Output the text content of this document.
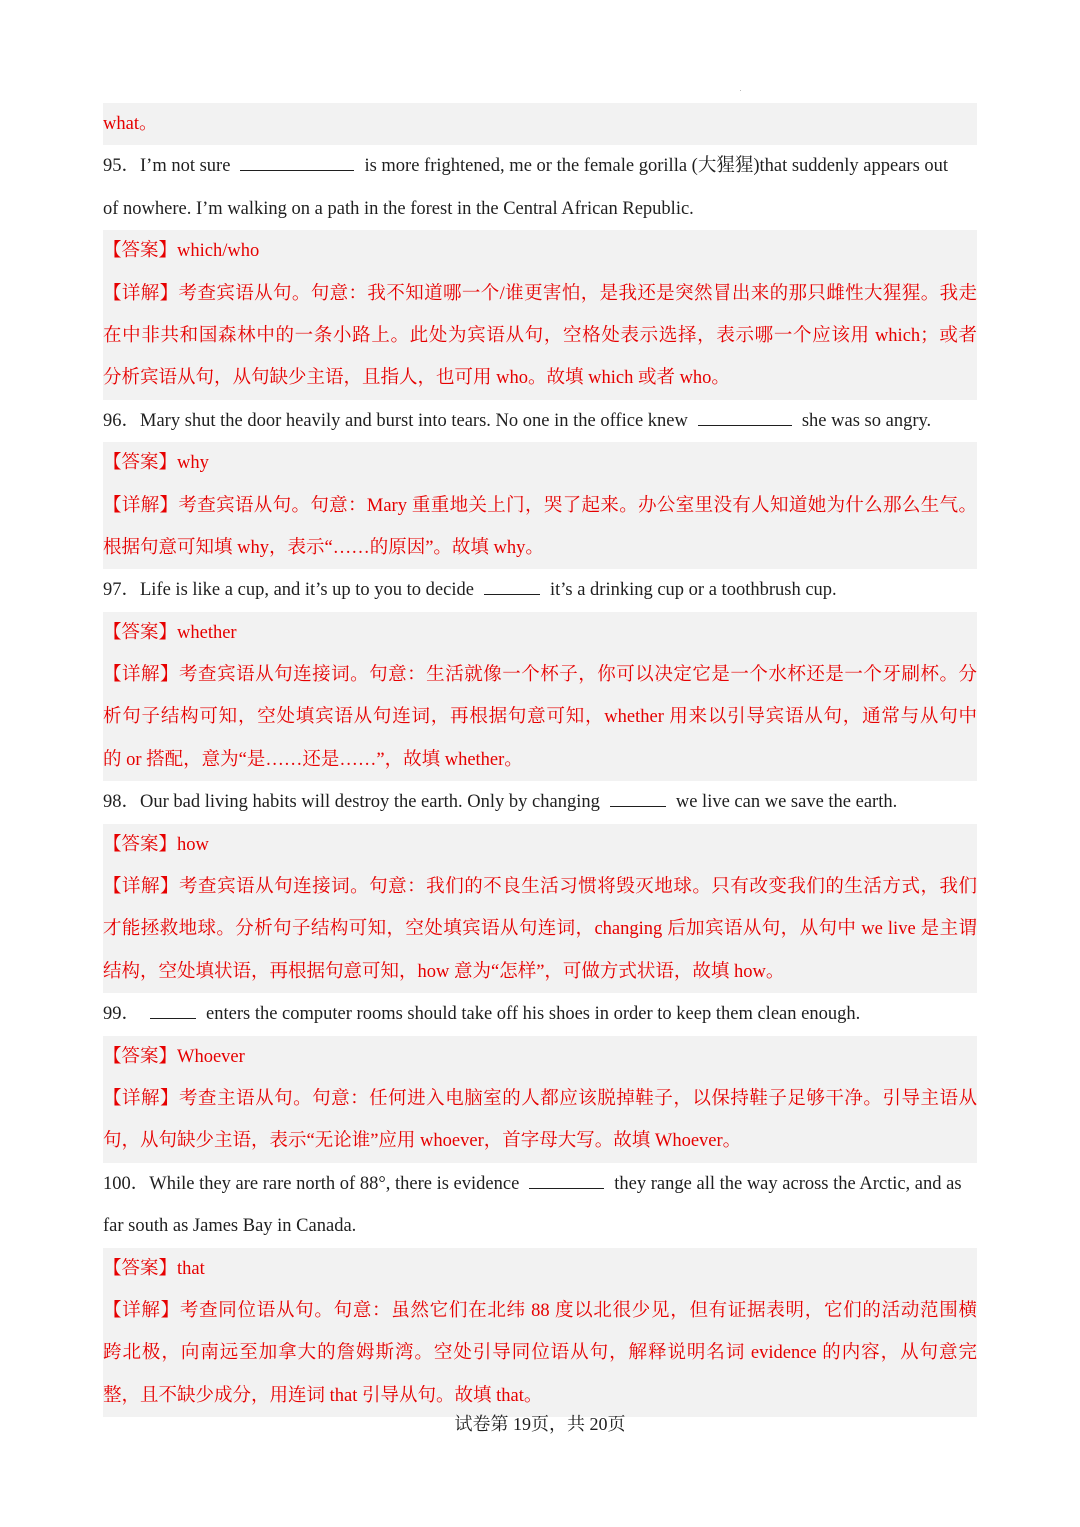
what。
95．I’m not sure	is more frightened, me or the female gorilla (大猩猩)that suddenly appears out
of nowhere. I’m walking on a path in the forest in the Central African Republic.
【答案】which/who
【详解】考查宾语从句。句意：我不知道哪一个/谁更害怕，是我还是突然冒出来的那只雌性大猩猩。我走
在中非共和国森林中的一条小路上。此处为宾语从句，空格处表示选择，表示哪一个应该用 which；或者
分析宾语从句，从句缺少主语，且指人，也可用 who。故填 which 或者 who。
96．Mary shut the door heavily and burst into tears. No one in the office knew	she was so angry.
【答案】why
【详解】考查宾语从句。句意：Mary 重重地关上门，哭了起来。办公室里没有人知道她为什么那么生气。
根据句意可知填 why，表示“……的原因”。故填 why。
97．Life is like a cup, and it’s up to you to decide	it’s a drinking cup or a toothbrush cup.
【答案】whether
【详解】考查宾语从句连接词。句意：生活就像一个杯子，你可以决定它是一个水杯还是一个牙刷杯。分
析句子结构可知，空处填宾语从句连词，再根据句意可知，whether 用来以引导宾语从句，通常与从句中
的 or 搭配，意为“是……还是……”，故填 whether。
98．Our bad living habits will destroy the earth. Only by changing	we live can we save the earth.
【答案】how
【详解】考查宾语从句连接词。句意：我们的不良生活习惯将毁灭地球。只有改变我们的生活方式，我们
才能拯救地球。分析句子结构可知，空处填宾语从句连词，changing 后加宾语从句，从句中 we live 是主谓
结构，空处填状语，再根据句意可知，how 意为“怎样”，可做方式状语，故填 how。
99．	enters the computer rooms should take off his shoes in order to keep them clean enough.
【答案】Whoever
【详解】考查主语从句。句意：任何进入电脑室的人都应该脱掉鞋子，以保持鞋子足够干净。引导主语从
句，从句缺少主语，表示“无论谁”应用 whoever，首字母大写。故填 Whoever。
100．While they are rare north of 88°, there is evidence	they range all the way across the Arctic, and as
far south as James Bay in Canada.
【答案】that
【详解】考查同位语从句。句意：虽然它们在北纬 88 度以北很少见，但有证据表明，它们的活动范围横
跨北极，向南远至加拿大的詹姆斯湾。空处引导同位语从句，解释说明名词 evidence 的内容，从句意完
整，且不缺少成分，用连词 that 引导从句。故填 that。
试卷第 19页，共 20页
